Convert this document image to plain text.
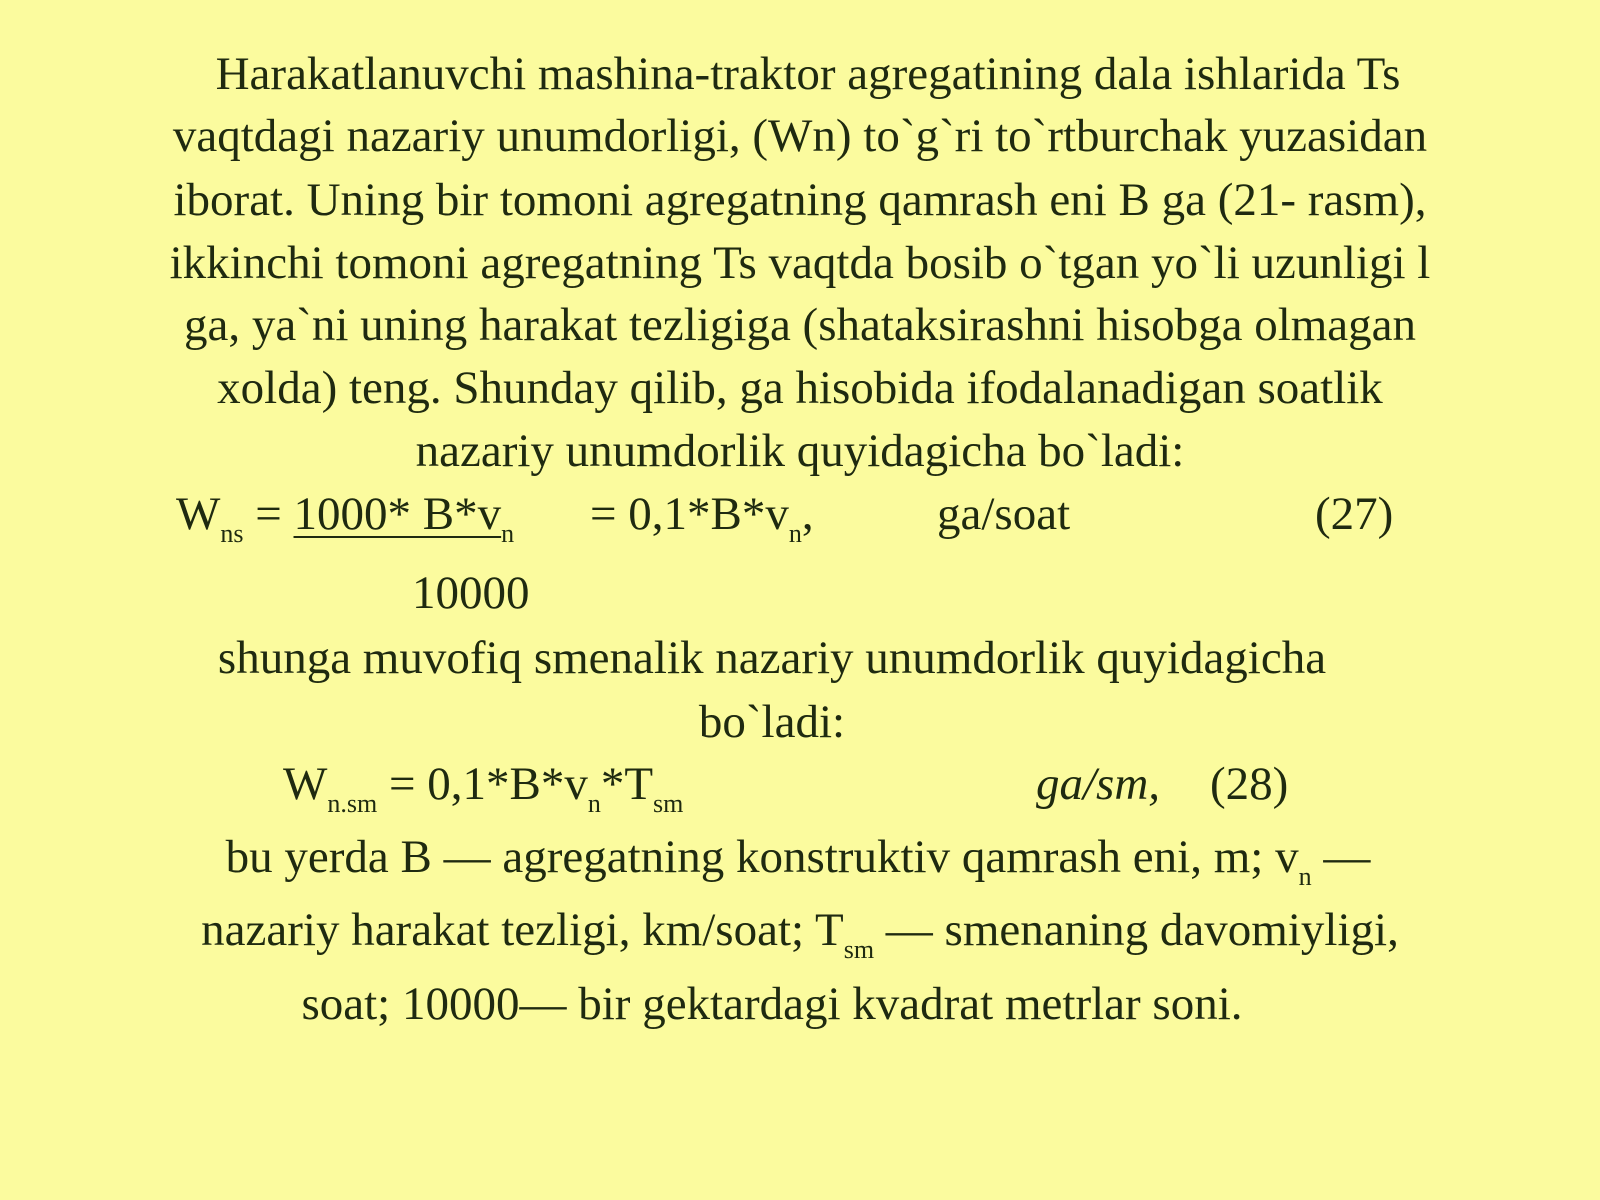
Harakatlanuvchi mashina-traktor agregatining dala ishlarida Ts
vaqtdagi nazariy unumdorligi, (Wn) to`g`ri to`rtburchak yuzasidan
iborat. Uning bir tomoni agregatning qamrash eni B ga (21- rasm),
ikkinchi tomoni agregatning Ts vaqtda bosib o`tgan yo`li uzunligi l
ga, ya`ni uning harakat tezligiga (shataksirashni hisobga olmagan
xolda) teng. Shunday qilib, ga hisobida ifodalanadigan soatlik
nazariy unumdorlik quyidagicha bo`ladi:
$W_{ns} = 1000*$ $B*v_n = 0,1*B*v_n$,	ga/soat	(27)
10000
shunga muvofiq smenalik nazariy unumdorlik quyidagicha
bo`ladi:
$W_{n.sm} = 0,1*B*v_n*T_{sm}$	ga/sm, (28)
bu yerda B — agregatning konstruktiv qamrash eni, m; $v_n$ —
nazariy harakat tezligi, km/soat; $T_{sm}$ — smenaning davomiyligi,
soat; 10000— bir gektardagi kvadrat metrlar soni.
